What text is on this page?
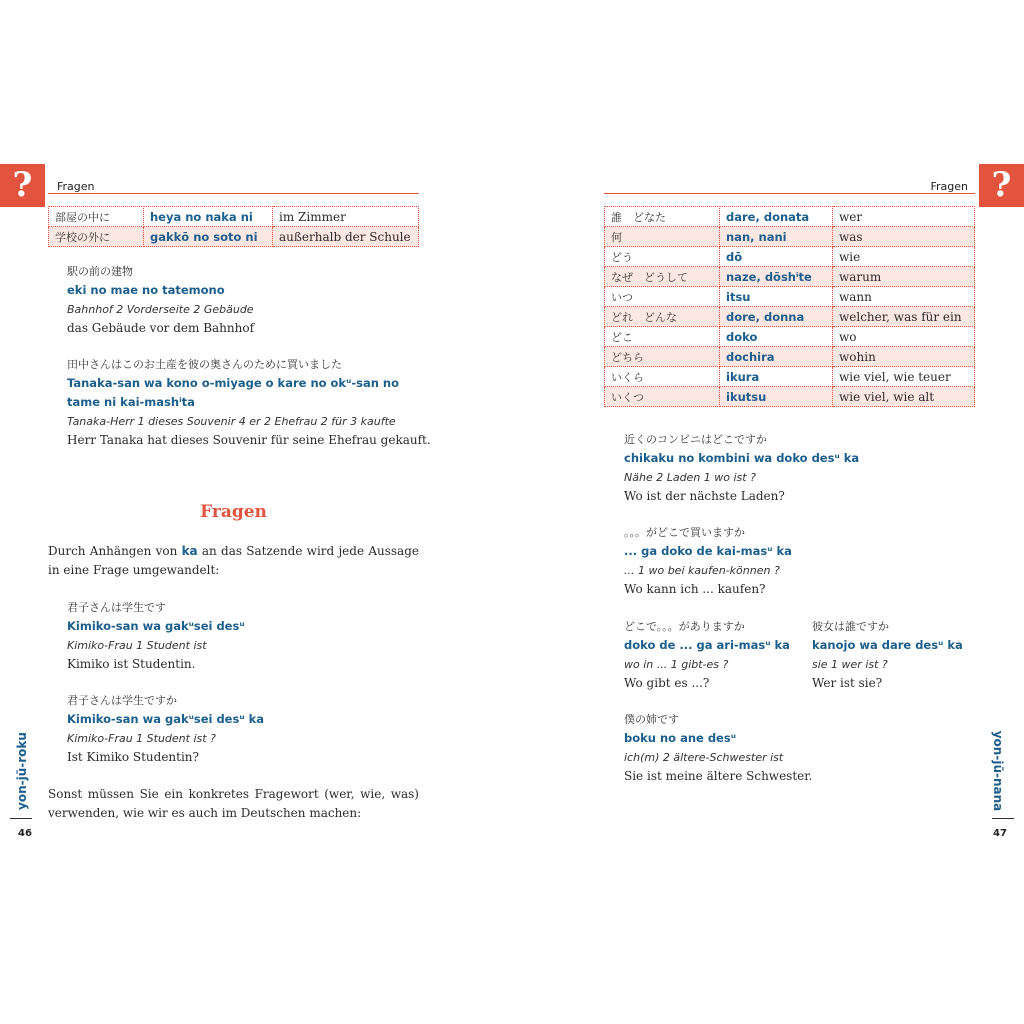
?	Fragen
部屋の中に	heya no naka ni	im Zimmer
学校の外に	gakkō no soto ni	außerhalb der Schule
駅の前の建物
eki no mae no tatemono
Bahnhof 2 Vorderseite 2 Gebäude
das Gebäude vor dem Bahnhof
田中さんはこのお土産を彼の奥さんのために買いました
Tanaka-san wa kono o-miyage o kare no okᵘ-san no
tame ni kai-mashⁱta
Tanaka-Herr 1 dieses Souvenir 4 er 2 Ehefrau 2 für 3 kaufte
Herr Tanaka hat dieses Souvenir für seine Ehefrau gekauft.
Fragen
Durch Anhängen von ka an das Satzende wird jede Aussage in eine Frage umgewandelt:
君子さんは学生です
Kimiko-san wa gakᵘsei desᵘ
Kimiko-Frau 1 Student ist
Kimiko ist Studentin.
君子さんは学生ですか
Kimiko-san wa gakᵘsei desᵘ ka
Kimiko-Frau 1 Student ist ?
Ist Kimiko Studentin?
Sonst müssen Sie ein konkretes Fragewort (wer, wie, was) verwenden, wie wir es auch im Deutschen machen:
yon-jū-roku
46
?
Fragen
誰　どなた	dare, donata	wer
何	nan, nani	was
どう	dō	wie
なぜ　どうして	naze, dōshⁱte	warum
いつ	itsu	wann
どれ　どんな	dore, donna	welcher, was für ein
どこ	doko	wo
どちら	dochira	wohin
いくら	ikura	wie viel, wie teuer
いくつ	ikutsu	wie viel, wie alt
近くのコンビニはどこですか
chikaku no kombini wa doko desᵘ ka
Nähe 2 Laden 1 wo ist ?
Wo ist der nächste Laden?
。。。がどこで買いますか
... ga doko de kai-masᵘ ka
... 1 wo bei kaufen-können ?
Wo kann ich ... kaufen?
どこで。。。がありますか
doko de ... ga ari-masᵘ ka
wo in ... 1 gibt-es ?
Wo gibt es ...?
彼女は誰ですか
kanojo wa dare desᵘ ka
sie 1 wer ist ?
Wer ist sie?
僕の姉です
boku no ane desᵘ
ich(m) 2 ältere-Schwester ist
Sie ist meine ältere Schwester.	yon-jū-nana
47
